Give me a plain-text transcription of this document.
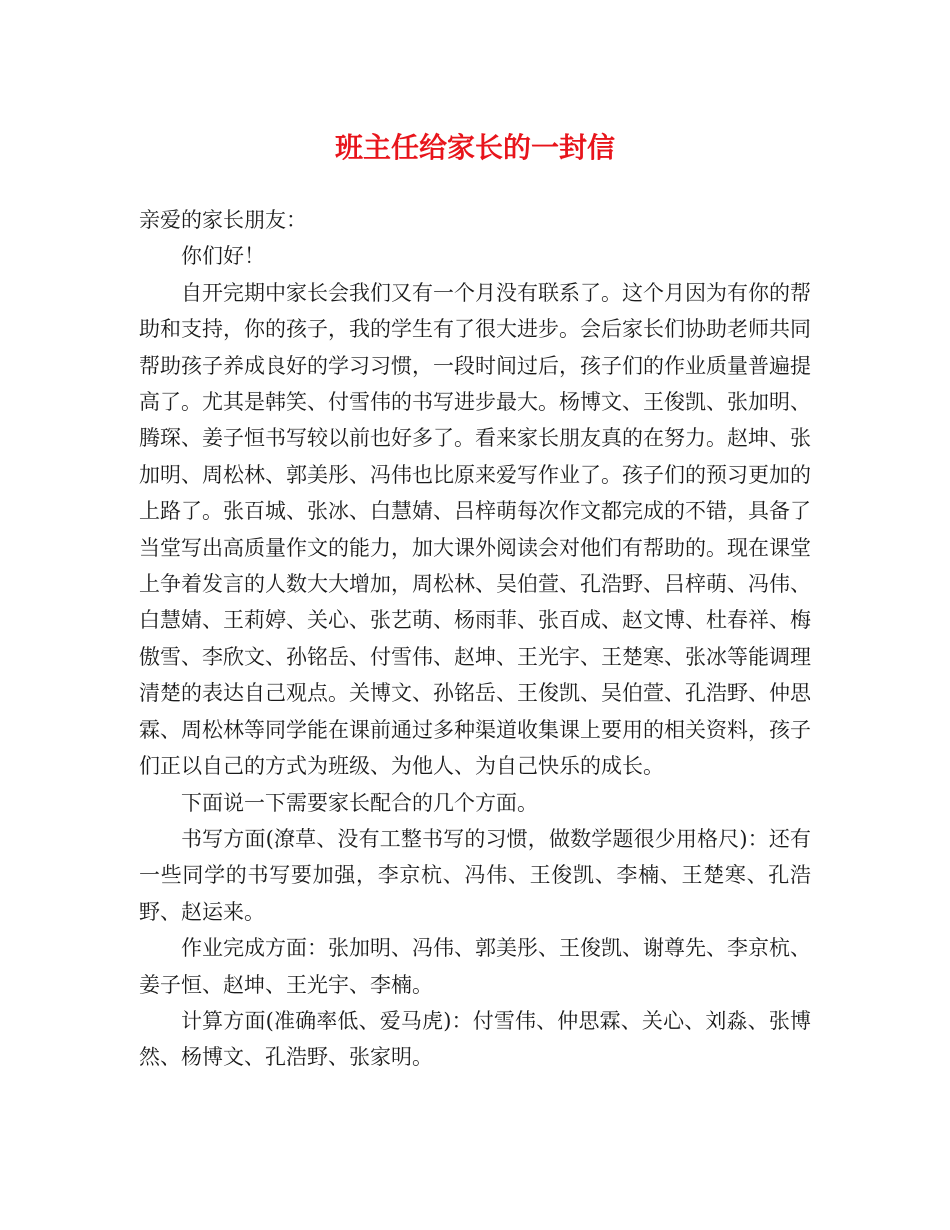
班主任给家长的一封信

亲爱的家长朋友：

你们好！

自开完期中家长会我们又有一个月没有联系了。这个月因为有你的帮助和支持，你的孩子，我的学生有了很大进步。会后家长们协助老师共同帮助孩子养成良好的学习习惯，一段时间过后，孩子们的作业质量普遍提高了。尤其是韩笑、付雪伟的书写进步最大。杨博文、王俊凯、张加明、腾琛、姜子恒书写较以前也好多了。看来家长朋友真的在努力。赵坤、张加明、周松林、郭美彤、冯伟也比原来爱写作业了。孩子们的预习更加的上路了。张百城、张冰、白慧婧、吕梓萌每次作文都完成的不错，具备了当堂写出高质量作文的能力，加大课外阅读会对他们有帮助的。现在课堂上争着发言的人数大大增加，周松林、吴伯萱、孔浩野、吕梓萌、冯伟、白慧婧、王莉婷、关心、张艺萌、杨雨菲、张百成、赵文博、杜春祥、梅傲雪、李欣文、孙铭岳、付雪伟、赵坤、王光宇、王楚寒、张冰等能调理清楚的表达自己观点。关博文、孙铭岳、王俊凯、吴伯萱、孔浩野、仲思霖、周松林等同学能在课前通过多种渠道收集课上要用的相关资料，孩子们正以自己的方式为班级、为他人、为自己快乐的成长。

下面说一下需要家长配合的几个方面。

书写方面(潦草、没有工整书写的习惯，做数学题很少用格尺)：还有一些同学的书写要加强，李京杭、冯伟、王俊凯、李楠、王楚寒、孔浩野、赵运来。

作业完成方面：张加明、冯伟、郭美彤、王俊凯、谢尊先、李京杭、姜子恒、赵坤、王光宇、李楠。

计算方面(准确率低、爱马虎)：付雪伟、仲思霖、关心、刘淼、张博然、杨博文、孔浩野、张家明。
